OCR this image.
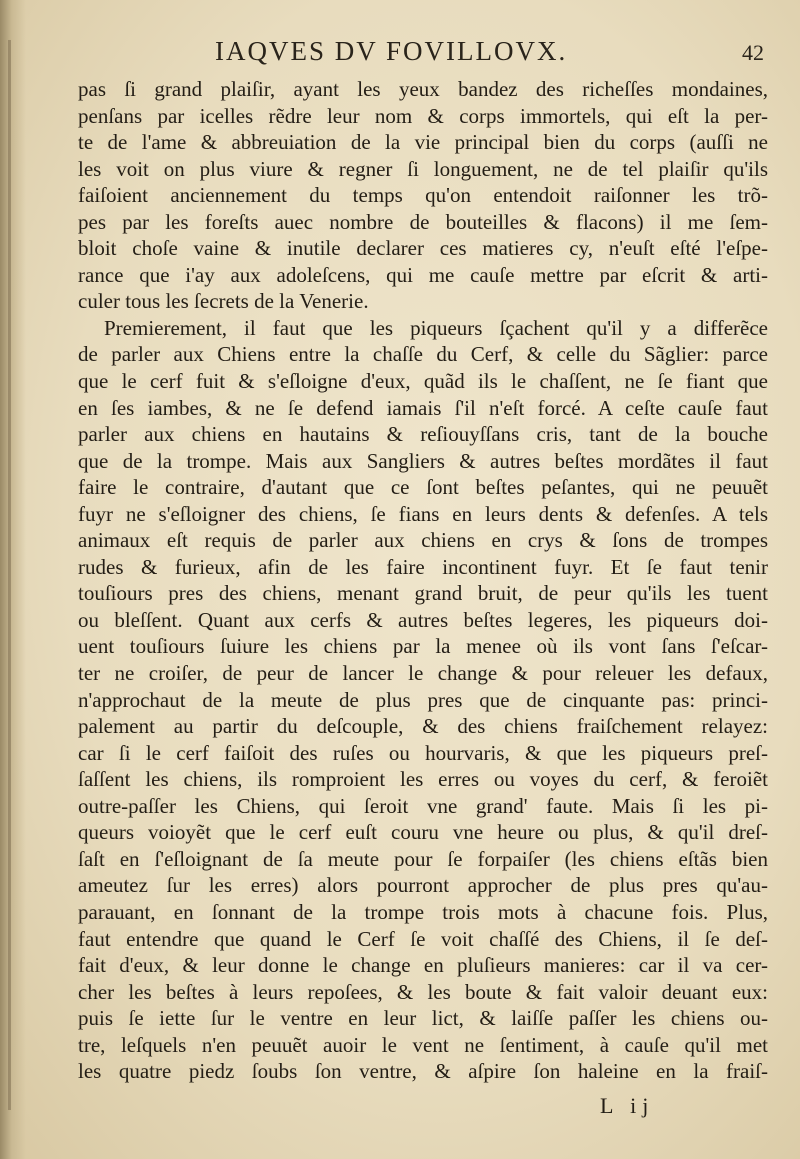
IAQVES DV FOVILLOVX.	42
pas ſi grand plaiſir, ayant les yeux bandez des richeſſes mondaines,
penſans par icelles rẽdre leur nom & corps immortels, qui eſt la per-
te de l'ame & abbreuiation de la vie principal bien du corps (auſſi ne
les voit on plus viure & regner ſi longuement, ne de tel plaiſir qu'ils
faiſoient anciennement du temps qu'on entendoit raiſonner les trõ-
pes par les foreſts auec nombre de bouteilles & flacons) il me ſem-
bloit choſe vaine & inutile declarer ces matieres cy, n'euſt eſté l'eſpe-
rance que i'ay aux adoleſcens, qui me cauſe mettre par eſcrit & arti-
culer tous les ſecrets de la Venerie.
Premierement, il faut que les piqueurs ſçachent qu'il y a differẽce
de parler aux Chiens entre la chaſſe du Cerf, & celle du Sãglier: parce
que le cerf fuit & s'eſloigne d'eux, quãd ils le chaſſent, ne ſe fiant que
en ſes iambes, & ne ſe defend iamais ſ'il n'eſt forcé. A ceſte cauſe faut
parler aux chiens en hautains & reſiouyſſans cris, tant de la bouche
que de la trompe. Mais aux Sangliers & autres beſtes mordãtes il faut
faire le contraire, d'autant que ce ſont beſtes peſantes, qui ne peuuẽt
fuyr ne s'eſloigner des chiens, ſe fians en leurs dents & defenſes. A tels
animaux eſt requis de parler aux chiens en crys & ſons de trompes
rudes & furieux, afin de les faire incontinent fuyr. Et ſe faut tenir
touſiours pres des chiens, menant grand bruit, de peur qu'ils les tuent
ou bleſſent. Quant aux cerfs & autres beſtes legeres, les piqueurs doi-
uent touſiours ſuiure les chiens par la menee où ils vont ſans ſ'eſcar-
ter ne croiſer, de peur de lancer le change & pour releuer les defaux,
n'approchaut de la meute de plus pres que de cinquante pas: princi-
palement au partir du deſcouple, & des chiens fraiſchement relayez:
car ſi le cerf faiſoit des ruſes ou hourvaris, & que les piqueurs preſ-
ſaſſent les chiens, ils romproient les erres ou voyes du cerf, & feroiẽt
outre-paſſer les Chiens, qui ſeroit vne grand' faute. Mais ſi les pi-
queurs voioyẽt que le cerf euſt couru vne heure ou plus, & qu'il dreſ-
ſaſt en ſ'eſloignant de ſa meute pour ſe forpaiſer (les chiens eſtãs bien
ameutez ſur les erres) alors pourront approcher de plus pres qu'au-
parauant, en ſonnant de la trompe trois mots à chacune fois. Plus,
faut entendre que quand le Cerf ſe voit chaſſé des Chiens, il ſe deſ-
fait d'eux, & leur donne le change en pluſieurs manieres: car il va cer-
cher les beſtes à leurs repoſees, & les boute & fait valoir deuant eux:
puis ſe iette ſur le ventre en leur lict, & laiſſe paſſer les chiens ou-
tre, leſquels n'en peuuẽt auoir le vent ne ſentiment, à cauſe qu'il met
les quatre piedz ſoubs ſon ventre, & aſpire ſon haleine en la fraiſ-
L ij
